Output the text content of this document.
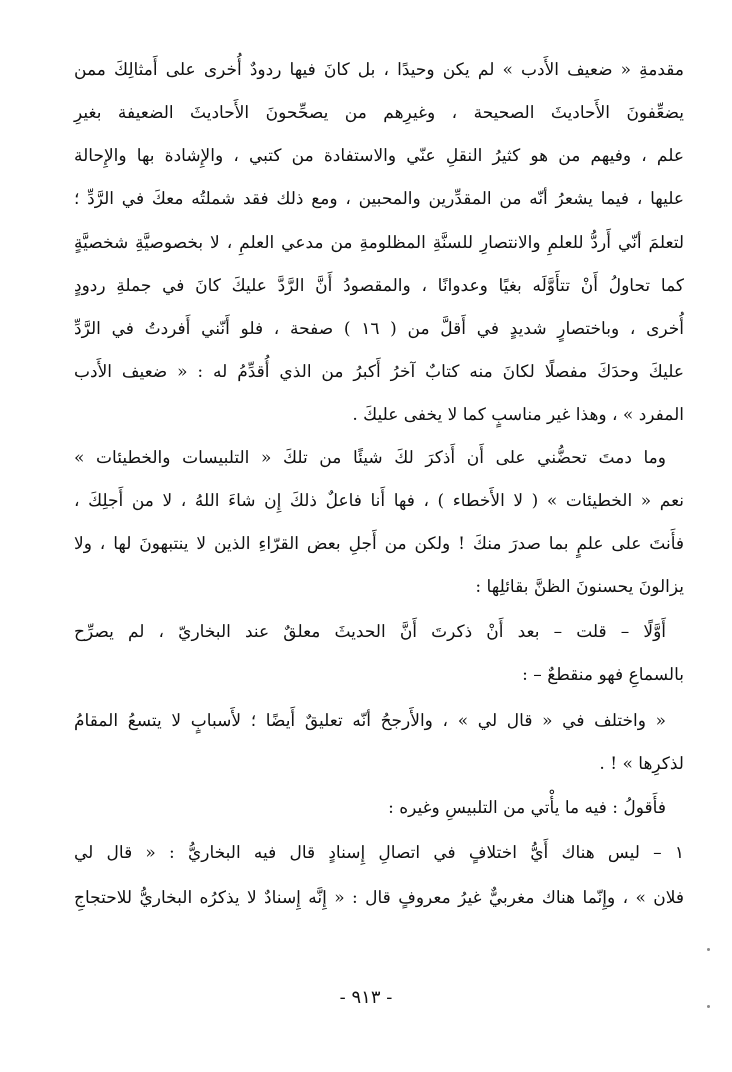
مقدمةِ « ضعيف الأَدب » لم يكن وحيدًا ، بل كانَ فيها ردودٌ أُخرى على أَمثالِكَ ممن
يضعِّفونَ الأَحاديثَ الصحيحة ، وغيرِهم من يصحِّحونَ الأَحاديثَ الضعيفة بغيرِ
علم ، وفيهم من هو كثيرُ النقلِ عنّي والاستفادة من كتبي ، والإِشادة بها والإِحالة
عليها ، فيما يشعرُ أنّه من المقدِّرين والمحبين ، ومع ذلك فقد شملتُه معكَ في الرَّدِّ ؛
لتعلمَ أنّي أَردُّ للعلمِ والانتصارِ للسنَّةِ المظلومةِ من مدعي العلمِ ، لا بخصوصيَّةِ شخصيَّةٍ
كما تحاولُ أَنْ تتأَوَّلَه بغيًا وعدوانًا ، والمقصودُ أَنَّ الرَّدَّ عليكَ كانَ في جملةِ ردودٍ
أُخرى ، وباختصارٍ شديدٍ في أَقلَّ من ( ١٦ ) صفحة ، فلو أَنّني أَفردتُ في الرَّدِّ
عليكَ وحدَكَ مفصلًا لكانَ منه كتابٌ آخرُ أَكبرُ من الذي أُقدِّمُ له : « ضعيف الأَدب
المفرد » ، وهذا غير مناسبٍ كما لا يخفى عليكَ .
وما دمتَ تحضُّني على أَن أَذكرَ لكَ شيئًا من تلكَ « التلبيسات والخطيئات »
نعم « الخطيئات » ( لا الأَخطاء ) ، فها أَنا فاعلٌ ذلكَ إِن شاءَ اللهُ ، لا من أَجلِكَ ،
فأَنتَ على علمٍ بما صدرَ منكَ ! ولكن من أَجلِ بعض القرّاءِ الذين لا ينتبهونَ لها ، ولا
يزالونَ يحسنونَ الظنَّ بقائلِها :
أَوَّلًا – قلت – بعد أَنْ ذكرتَ أَنَّ الحديثَ معلقٌ عند البخاريّ ، لم يصرِّح
بالسماعِ فهو منقطعٌ – :
« واختلف في « قال لي » ، والأَرجحُ أنّه تعليقٌ أَيضًا ؛ لأَسبابٍ لا يتسعُ المقامُ
لذكرِها » ! .
فأَقولُ : فيه ما يأْتي من التلبيسِ وغيره :
١ – ليس هناك أَيُّ اختلافٍ في اتصالِ إِسنادٍ قال فيه البخاريُّ : « قال لي
فلان » ، وإِنّما هناك مغربيٌّ غيرُ معروفٍ قال : « إِنَّه إِسنادٌ لا يذكرُه البخاريُّ للاحتجاجِ
- ٩١٣ -
